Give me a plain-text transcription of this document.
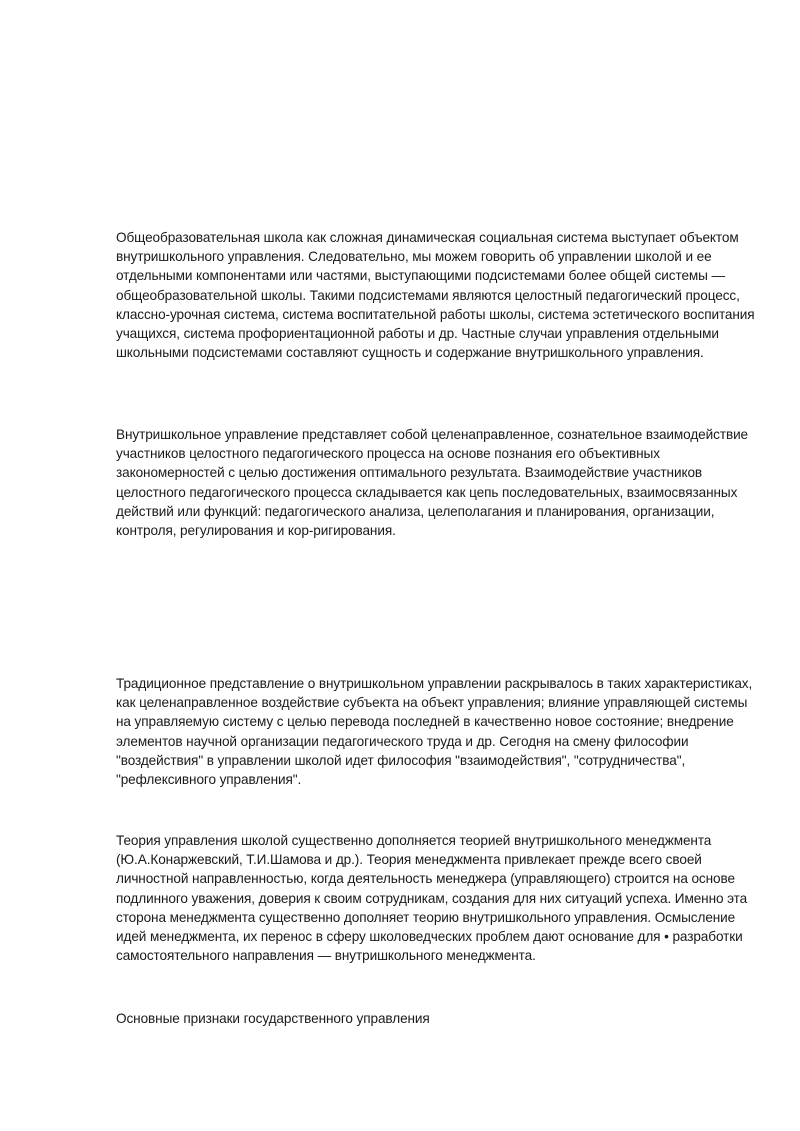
Общеобразовательная школа как сложная динамическая социальная система выступает объектом внутришкольного управления. Следовательно, мы можем говорить об управлении школой и ее отдельными компонентами или частями, выступающими подсистемами более общей системы — общеобразовательной школы. Такими подсистемами являются целостный педагогический процесс, классно-урочная система, система воспитательной работы школы, система эстетического воспитания учащихся, система профориентационной работы и др. Частные случаи управления отдельными школьными подсистемами составляют сущность и содержание внутришкольного управления.

Внутришкольное управление представляет собой целенаправленное, сознательное взаимодействие участников целостного педагогического процесса на основе познания его объективных закономерностей с целью достижения оптимального результата. Взаимодействие участников целостного педагогического процесса складывается как цепь последовательных, взаимосвязанных действий или функций: педагогического анализа, целеполагания и планирования, организации, контроля, регулирования и кор-ригирования.

Традиционное представление о внутришкольном управлении раскрывалось в таких характеристиках, как целенаправленное воздействие субъекта на объект управления; влияние управляющей системы на управляемую систему с целью перевода последней в качественно новое состояние; внедрение элементов научной организации педагогического труда и др. Сегодня на смену философии "воздействия" в управлении школой идет философия "взаимодействия", "сотрудничества", "рефлексивного управления".

Теория управления школой существенно дополняется теорией внутришкольного менеджмента (Ю.А.Конаржевский, Т.И.Шамова и др.). Теория менеджмента привлекает прежде всего своей личностной направленностью, когда деятельность менеджера (управляющего) строится на основе подлинного уважения, доверия к своим сотрудникам, создания для них ситуаций успеха. Именно эта сторона менеджмента существенно дополняет теорию внутришкольного управления. Осмысление идей менеджмента, их перенос в сферу школоведческих проблем дают основание для • разработки самостоятельного направления — внутришкольного менеджмента.

Основные признаки государственного управления
